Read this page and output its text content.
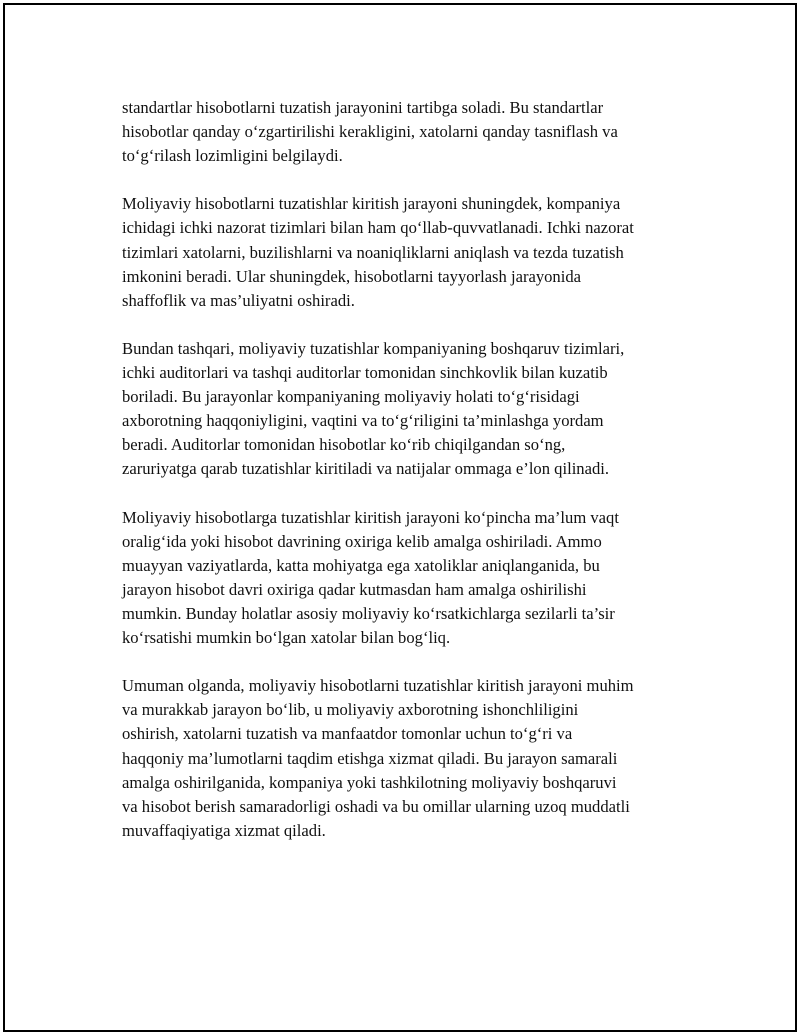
standartlar hisobotlarni tuzatish jarayonini tartibga soladi. Bu standartlar
hisobotlar qanday o‘zgartirilishi kerakligini, xatolarni qanday tasniflash va
to‘g‘rilash lozimligini belgilaydi.

Moliyaviy hisobotlarni tuzatishlar kiritish jarayoni shuningdek, kompaniya
ichidagi ichki nazorat tizimlari bilan ham qo‘llab-quvvatlanadi. Ichki nazorat
tizimlari xatolarni, buzilishlarni va noaniqliklarni aniqlash va tezda tuzatish
imkonini beradi. Ular shuningdek, hisobotlarni tayyorlash jarayonida
shaffoflik va mas’uliyatni oshiradi.

Bundan tashqari, moliyaviy tuzatishlar kompaniyaning boshqaruv tizimlari,
ichki auditorlari va tashqi auditorlar tomonidan sinchkovlik bilan kuzatib
boriladi. Bu jarayonlar kompaniyaning moliyaviy holati to‘g‘risidagi
axborotning haqqoniyligini, vaqtini va to‘g‘riligini ta’minlashga yordam
beradi. Auditorlar tomonidan hisobotlar ko‘rib chiqilgandan so‘ng,
zaruriyatga qarab tuzatishlar kiritiladi va natijalar ommaga e’lon qilinadi.

Moliyaviy hisobotlarga tuzatishlar kiritish jarayoni ko‘pincha ma’lum vaqt
oralig‘ida yoki hisobot davrining oxiriga kelib amalga oshiriladi. Ammo
muayyan vaziyatlarda, katta mohiyatga ega xatoliklar aniqlanganida, bu
jarayon hisobot davri oxiriga qadar kutmasdan ham amalga oshirilishi
mumkin. Bunday holatlar asosiy moliyaviy ko‘rsatkichlarga sezilarli ta’sir
ko‘rsatishi mumkin bo‘lgan xatolar bilan bog‘liq.

Umuman olganda, moliyaviy hisobotlarni tuzatishlar kiritish jarayoni muhim
va murakkab jarayon bo‘lib, u moliyaviy axborotning ishonchliligini
oshirish, xatolarni tuzatish va manfaatdor tomonlar uchun to‘g‘ri va
haqqoniy ma’lumotlarni taqdim etishga xizmat qiladi. Bu jarayon samarali
amalga oshirilganida, kompaniya yoki tashkilotning moliyaviy boshqaruvi
va hisobot berish samaradorligi oshadi va bu omillar ularning uzoq muddatli
muvaffaqiyatiga xizmat qiladi.
